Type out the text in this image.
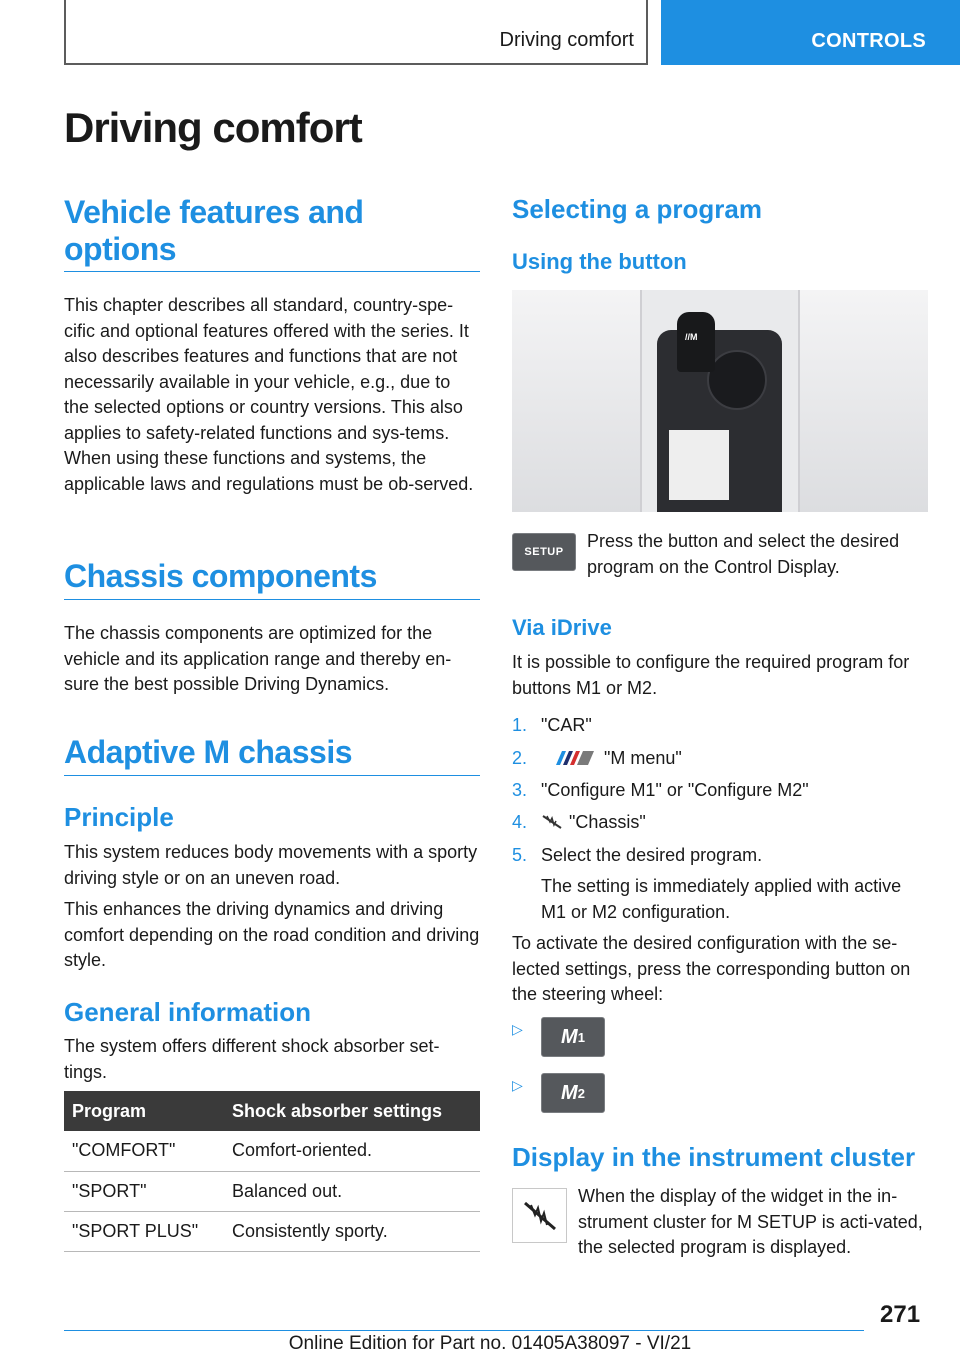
Driving comfort	CONTROLS
Driving comfort
Vehicle features and options
This chapter describes all standard, country-spe-cific and optional features offered with the series. It also describes features and functions that are not necessarily available in your vehicle, e.g., due to the selected options or country versions. This also applies to safety-related functions and sys-tems. When using these functions and systems, the applicable laws and regulations must be ob-served.
Chassis components
The chassis components are optimized for the vehicle and its application range and thereby en-sure the best possible Driving Dynamics.
Adaptive M chassis
Principle
This system reduces body movements with a sporty driving style or on an uneven road.
This enhances the driving dynamics and driving comfort depending on the road condition and driving style.
General information
The system offers different shock absorber set-tings.
Program	Shock absorber settings
"COMFORT"	Comfort-oriented.
"SPORT"	Balanced out.
"SPORT PLUS"	Consistently sporty.
Selecting a program
Using the button
//M
SETUP
Press the button and select the desired program on the Control Display.
Via iDrive
It is possible to configure the required program for buttons M1 or M2.
1. "CAR"
2.	"M menu"
3. "Configure M1" or "Configure M2"
4.	"Chassis"
5. Select the desired program.
The setting is immediately applied with active M1 or M2 configuration.
To activate the desired configuration with the se-lected settings, press the corresponding button on the steering wheel:
▷ M 1
▷ M 2
Display in the instrument cluster
When the display of the widget in the in-strument cluster for M SETUP is acti-vated, the selected program is displayed.
271
Online Edition for Part no. 01405A38097 - VI/21
